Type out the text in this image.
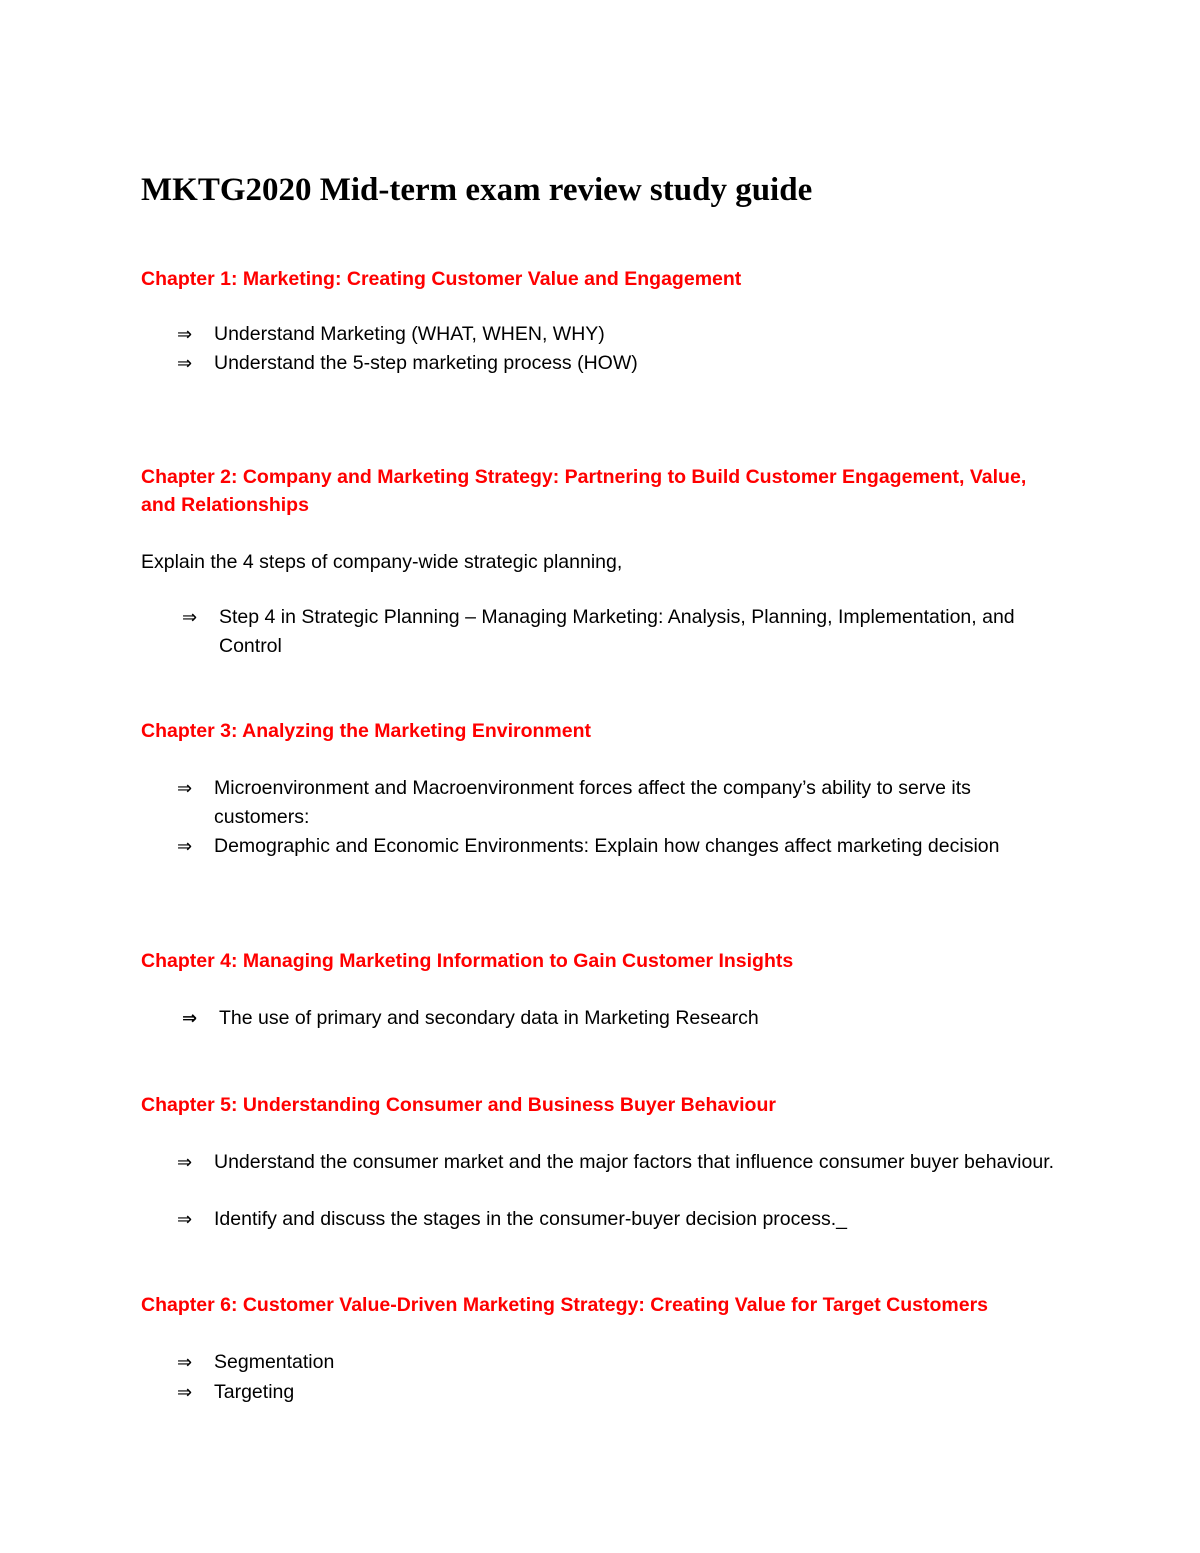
MKTG2020 Mid-term exam review study guide
Chapter 1: Marketing: Creating Customer Value and Engagement
⇒ Understand Marketing (WHAT, WHEN, WHY)
⇒ Understand the 5-step marketing process (HOW)
Chapter 2: Company and Marketing Strategy: Partnering to Build Customer Engagement, Value, and Relationships

Explain the 4 steps of company-wide strategic planning,

⇒ Step 4 in Strategic Planning – Managing Marketing: Analysis, Planning, Implementation, and Control
Chapter 3: Analyzing the Marketing Environment
⇒ Microenvironment and Macroenvironment forces affect the company’s ability to serve its customers:
⇒ Demographic and Economic Environments: Explain how changes affect marketing decision
Chapter 4: Managing Marketing Information to Gain Customer Insights
⇒ The use of primary and secondary data in Marketing Research
Chapter 5: Understanding Consumer and Business Buyer Behaviour
⇒ Understand the consumer market and the major factors that influence consumer buyer behaviour.
⇒ Identify and discuss the stages in the consumer-buyer decision process._
Chapter 6: Customer Value-Driven Marketing Strategy: Creating Value for Target Customers
⇒ Segmentation
⇒ Targeting
